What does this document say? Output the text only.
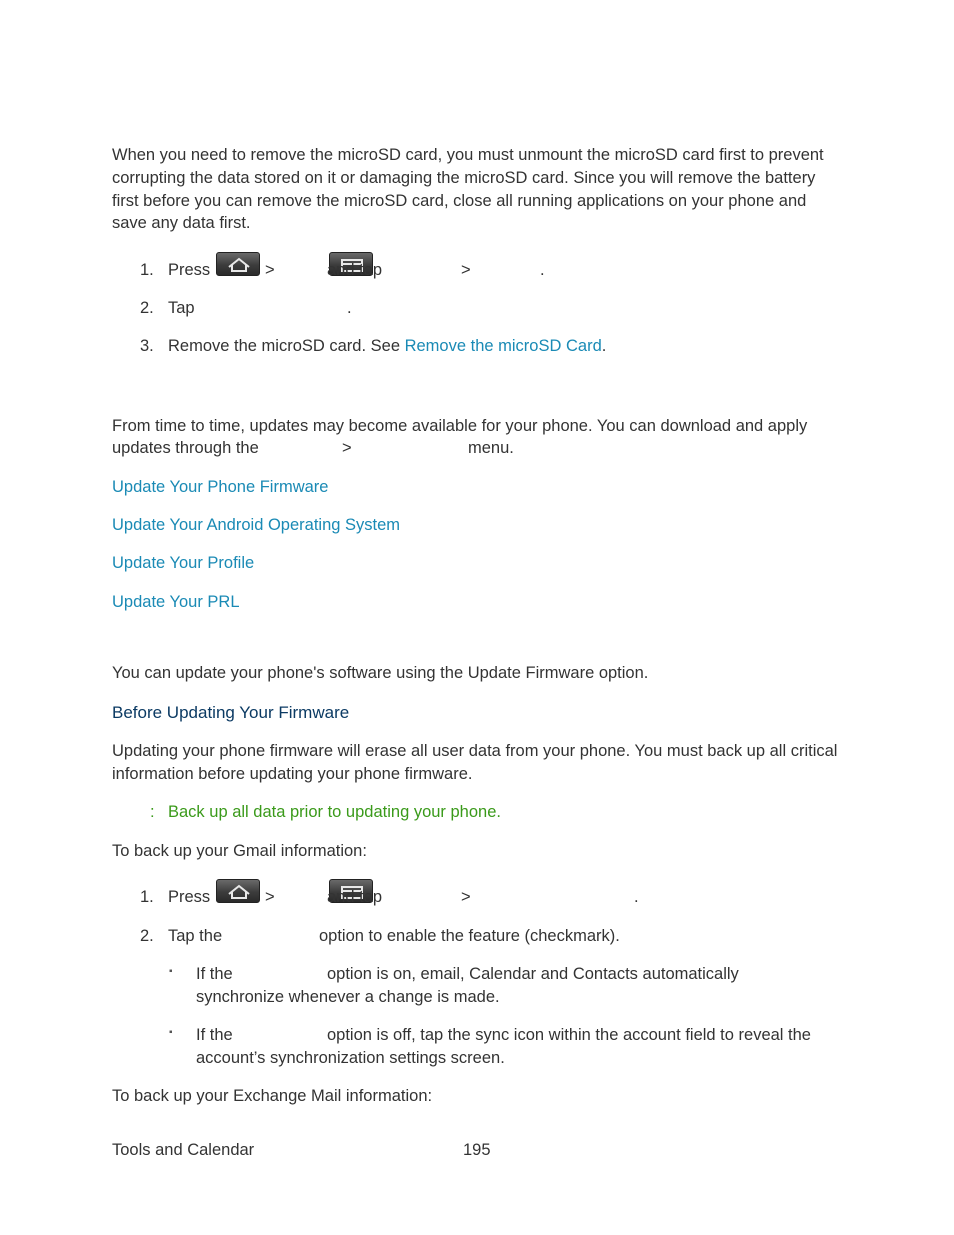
When you need to remove the microSD card, you must unmount the microSD card first to prevent corrupting the data stored on it or damaging the microSD card. Since you will remove the battery first before you can remove the microSD card, close all running applications on your phone and save any data first.

1. Press
	>	and tap	>	.
2. Tap	.
3. Remove the microSD card. See Remove the microSD Card.
From time to time, updates may become available for your phone. You can download and apply
updates through the	>	menu.
Update Your Phone Firmware
Update Your Android Operating System
Update Your Profile
Update Your PRL
You can update your phone's software using the Update Firmware option.
Before Updating Your Firmware

Updating your phone firmware will erase all user data from your phone. You must back up all critical information before updating your phone firmware.

: Back up all data prior to updating your phone.
To back up your Gmail information:
1. Press
	>	and tap	>	.
2. Tap the	option to enable the feature (checkmark).
▪ If the	option is on, email, Calendar and Contacts automatically
synchronize whenever a change is made.
▪ If the	option is off, tap the sync icon within the account field to reveal the
account’s synchronization settings screen.
To back up your Exchange Mail information:
Tools and Calendar	195
